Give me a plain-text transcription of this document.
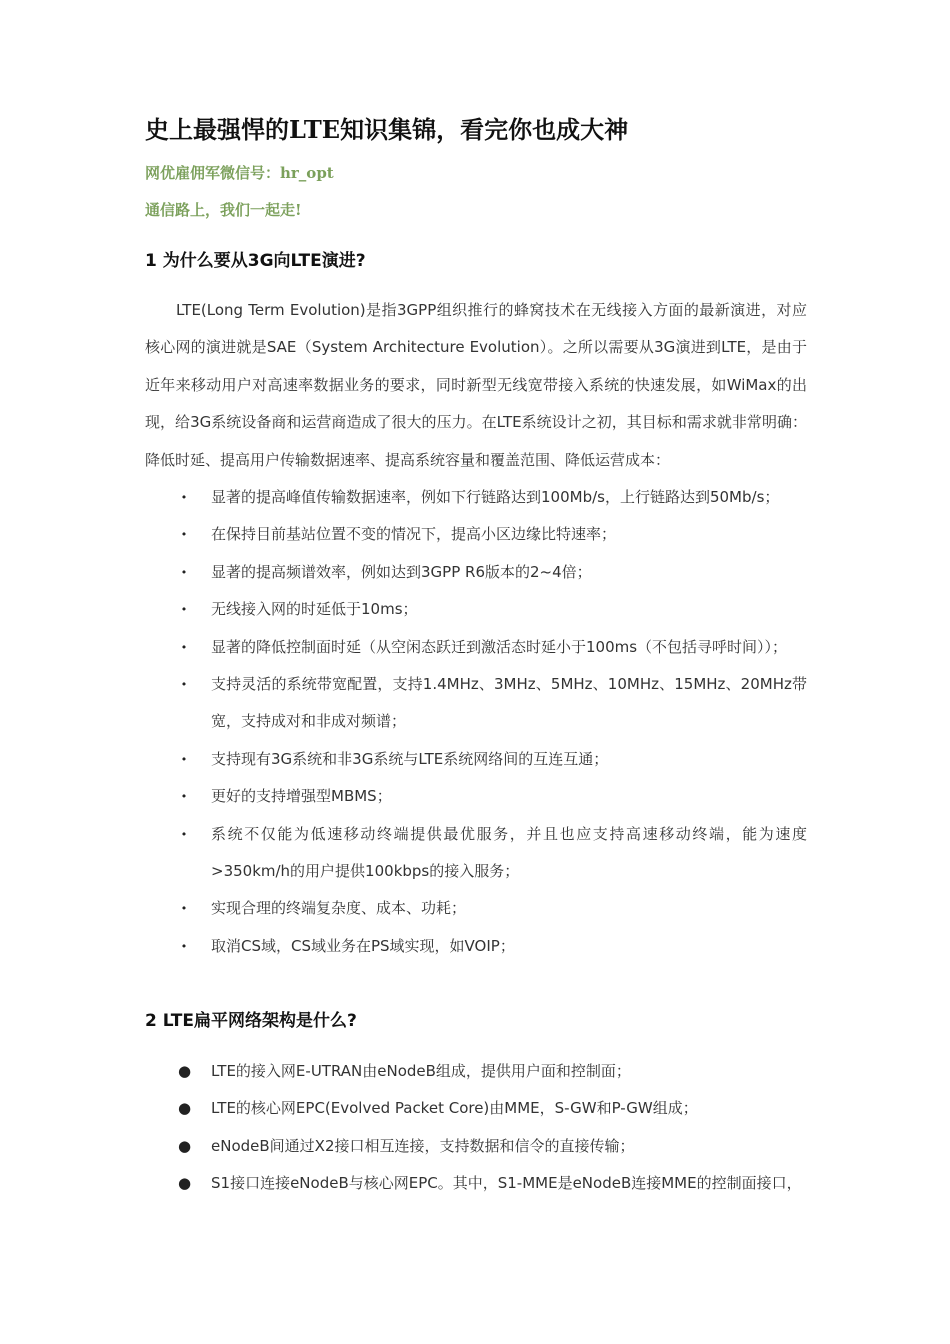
史上最强悍的LTE知识集锦，看完你也成大神
网优雇佣军微信号：hr_opt
通信路上，我们一起走!
1 为什么要从3G向LTE演进?
LTE(Long Term Evolution)是指3GPP组织推行的蜂窝技术在无线接入方面的最新演进，对应核心网的演进就是SAE（System Architecture Evolution）。之所以需要从3G演进到LTE，是由于近年来移动用户对高速率数据业务的要求，同时新型无线宽带接入系统的快速发展，如WiMax的出现，给3G系统设备商和运营商造成了很大的压力。在LTE系统设计之初，其目标和需求就非常明确：降低时延、提高用户传输数据速率、提高系统容量和覆盖范围、降低运营成本：
• 显著的提高峰值传输数据速率，例如下行链路达到100Mb/s，上行链路达到50Mb/s；
• 在保持目前基站位置不变的情况下，提高小区边缘比特速率；
• 显著的提高频谱效率，例如达到3GPP R6版本的2~4倍；
• 无线接入网的时延低于10ms；
• 显著的降低控制面时延（从空闲态跃迁到激活态时延小于100ms（不包括寻呼时间））；
• 支持灵活的系统带宽配置，支持1.4MHz、3MHz、5MHz、10MHz、15MHz、20MHz带宽，支持成对和非成对频谱；
• 支持现有3G系统和非3G系统与LTE系统网络间的互连互通；
• 更好的支持增强型MBMS；
• 系统不仅能为低速移动终端提供最优服务，并且也应支持高速移动终端，能为速度>350km/h的用户提供100kbps的接入服务；
• 实现合理的终端复杂度、成本、功耗；
• 取消CS域，CS域业务在PS域实现，如VOIP；
2 LTE扁平网络架构是什么?
● LTE的接入网E-UTRAN由eNodeB组成，提供用户面和控制面；
● LTE的核心网EPC(Evolved Packet Core)由MME，S-GW和P-GW组成；
● eNodeB间通过X2接口相互连接，支持数据和信令的直接传输；
● S1接口连接eNodeB与核心网EPC。其中，S1-MME是eNodeB连接MME的控制面接口，
